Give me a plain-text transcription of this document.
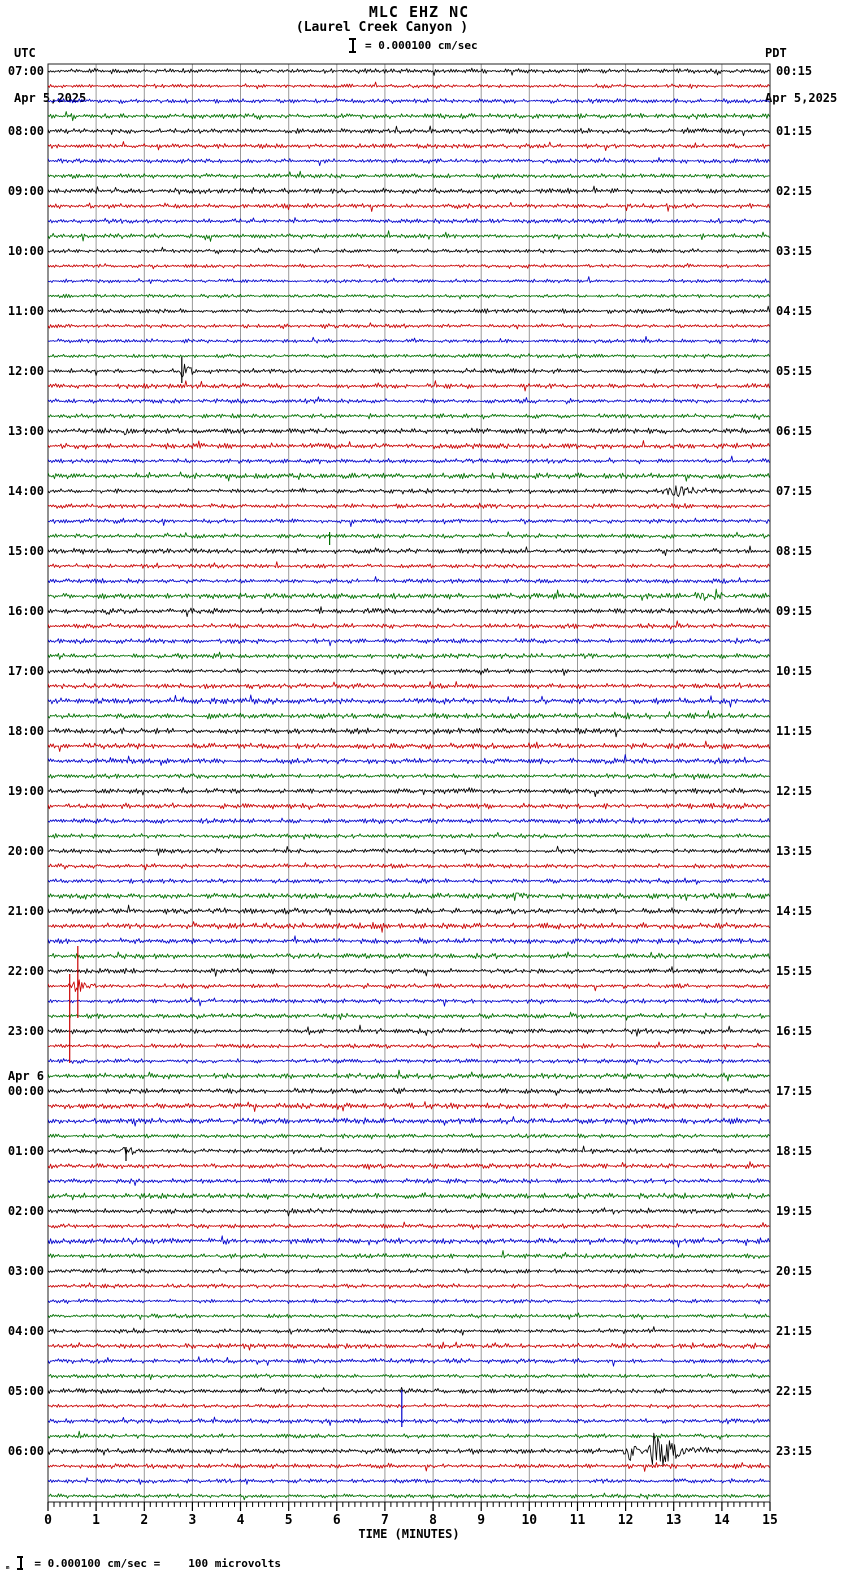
MLC EHZ NC
(Laurel Creek Canyon )

UTC

Apr 5,2025

PDT

Apr 5,2025

= 0.000100 cm/sec
07:00	00:15
08:00	01:15
09:00	02:15
10:00	03:15
11:00	04:15
12:00	05:15
13:00	06:15
14:00	07:15
15:00	08:15
16:00	09:15
17:00	10:15
18:00	11:15
19:00	12:15
20:00	13:15
21:00	14:15
22:00	15:15
23:00	16:15
00:00	17:15
Apr 6
01:00	18:15
02:00	19:15
03:00	20:15
04:00	21:15
05:00	22:15
06:00	23:15
0	1	2	3	4	5	6	7	8	9	10	11 12 13	14 15
TIME (MINUTES)
ₘ = 0.000100 cm/sec =	100 microvolts
